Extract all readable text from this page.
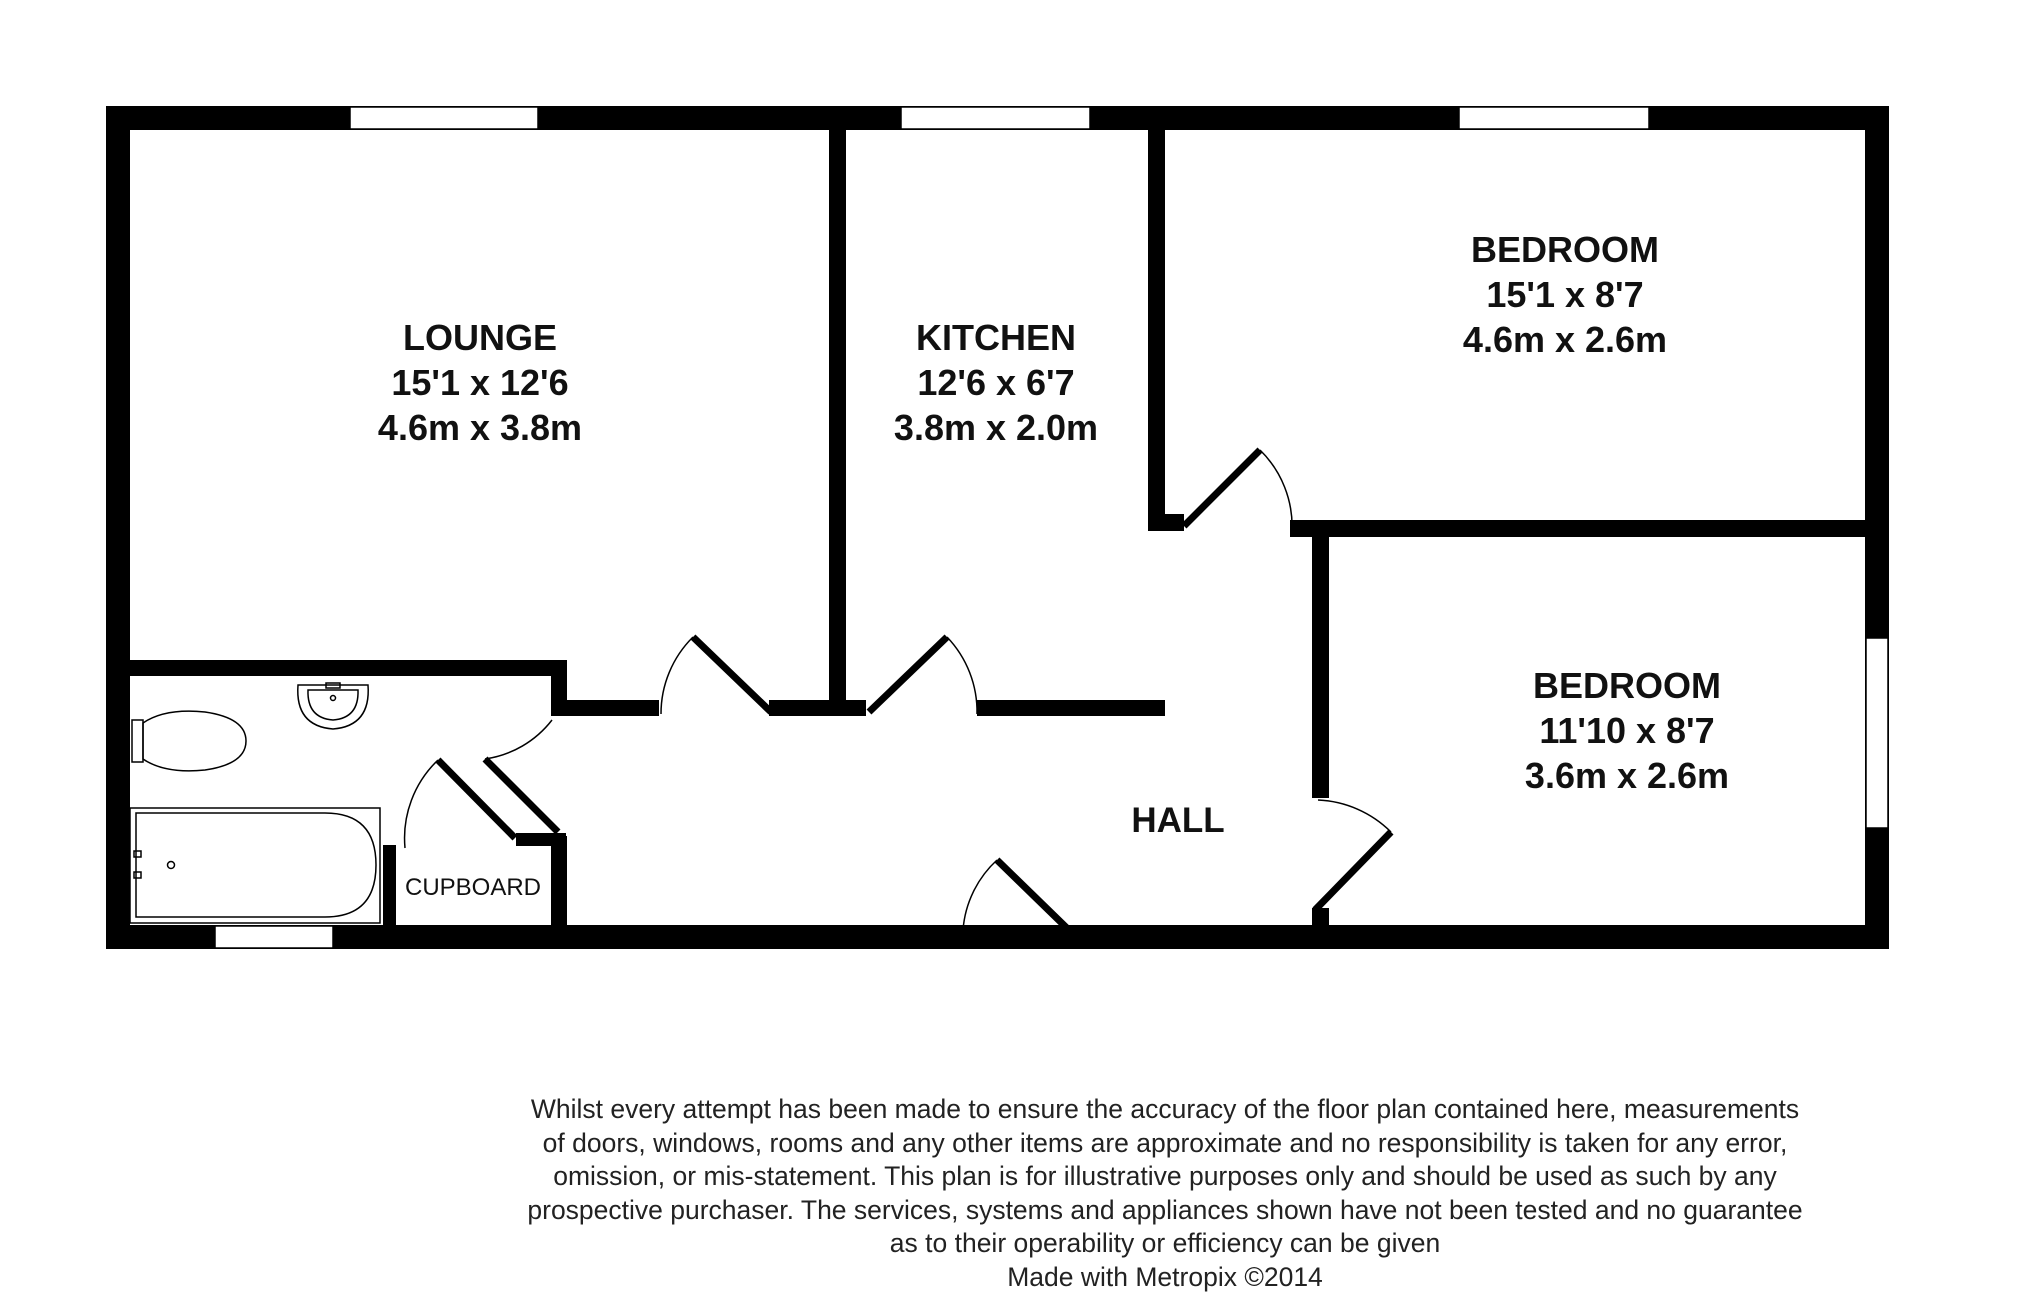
LOUNGE
15'1 x 12'6
4.6m x 3.8m
KITCHEN
12'6 x 6'7
3.8m x 2.0m
BEDROOM
15'1 x 8'7
4.6m x 2.6m
BEDROOM
11'10 x 8'7
3.6m x 2.6m
HALL
CUPBOARD
Whilst every attempt has been made to ensure the accuracy of the floor plan contained here, measurements
of doors, windows, rooms and any other items are approximate and no responsibility is taken for any error,
omission, or mis-statement. This plan is for illustrative purposes only and should be used as such by any
prospective purchaser. The services, systems and appliances shown have not been tested and no guarantee
as to their operability or efficiency can be given
Made with Metropix ©2014
